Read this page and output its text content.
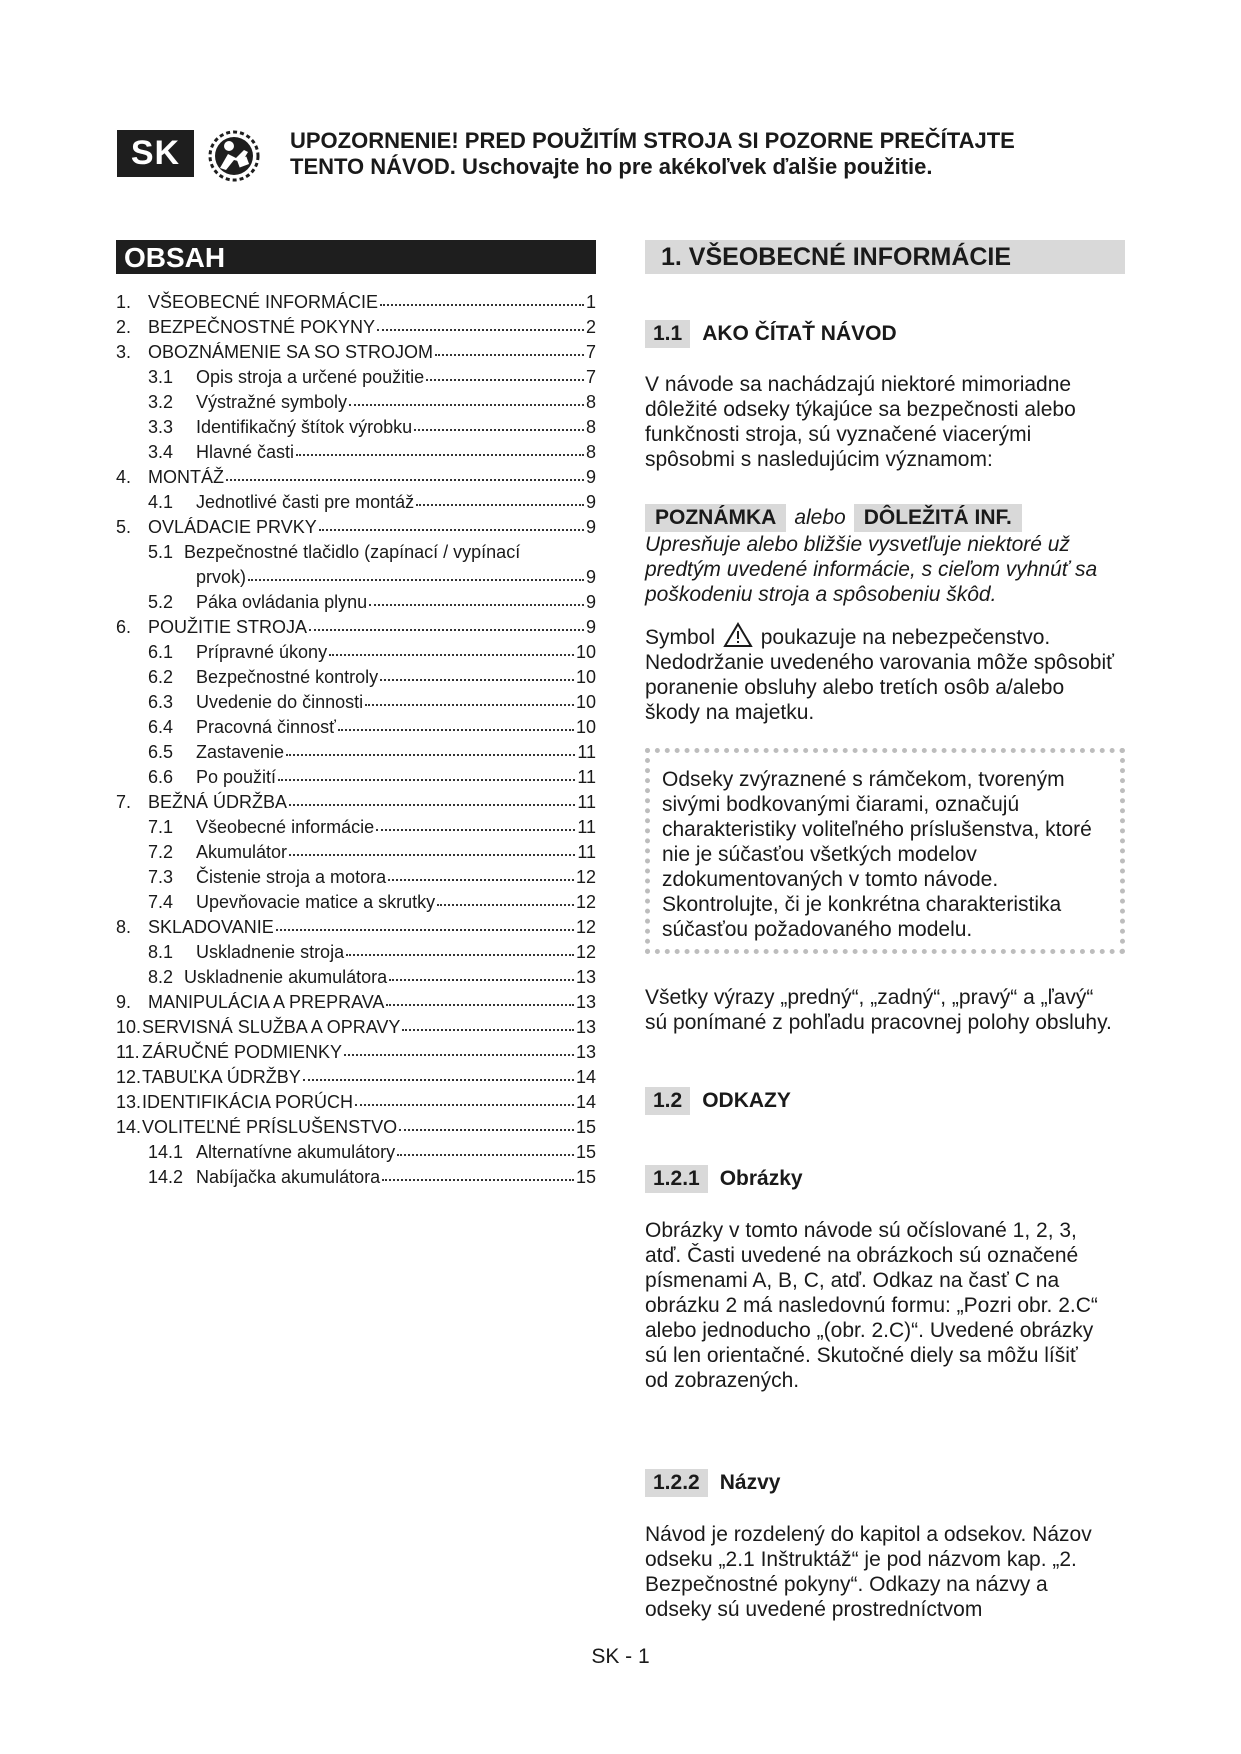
SK	UPOZORNENIE! PRED POUŽITÍM STROJA SI POZORNE PREČÍTAJTE
TENTO NÁVOD. Uschovajte ho pre akékoľvek ďalšie použitie.
OBSAH
1. VŠEOBECNÉ INFORMÁCIE	1
2. BEZPEČNOSTNÉ POKYNY	2
3. OBOZNÁMENIE SA SO STROJOM	7
3.1	Opis stroja a určené použitie	7
3.2	Výstražné symboly	8
3.3	Identifikačný štítok výrobku	8
3.4	Hlavné časti	8
4. MONTÁŽ	9
4.1	Jednotlivé časti pre montáž	9
5. OVLÁDACIE PRVKY	9
5.1 Bezpečnostné tlačidlo (zapínací / vypínací
prvok)	9
5.2	Páka ovládania plynu	9
6. POUŽITIE STROJA	9
6.1	Prípravné úkony	10
6.2	Bezpečnostné kontroly	10
6.3	Uvedenie do činnosti	10
6.4	Pracovná činnosť	10
6.5	Zastavenie	11
6.6	Po použití	11
7. BEŽNÁ ÚDRŽBA	11
7.1	Všeobecné informácie	11
7.2	Akumulátor	11
7.3	Čistenie stroja a motora	12
7.4	Upevňovacie matice a skrutky	12
8. SKLADOVANIE	12
8.1	Uskladnenie stroja	12
8.2 Uskladnenie akumulátora	13
9. MANIPULÁCIA A PREPRAVA	13
10. SERVISNÁ SLUŽBA A OPRAVY	13
11. ZÁRUČNÉ PODMIENKY	13
12. TABUĽKA ÚDRŽBY	14
13. IDENTIFIKÁCIA PORÚCH	14
14. VOLITEĽNÉ PRÍSLUŠENSTVO	15
14.1 Alternatívne akumulátory	15
14.2 Nabíjačka akumulátora	15
1. VŠEOBECNÉ INFORMÁCIE
1.1 AKO ČÍTAŤ NÁVOD
V návode sa nachádzajú niektoré mimoriadne dôležité odseky týkajúce sa bezpečnosti alebo funkčnosti stroja, sú vyznačené viacerými spôsobmi s nasledujúcim významom:
POZNÁMKA alebo DÔLEŽITÁ INF.
Upresňuje alebo bližšie vysvetľuje niektoré už predtým uvedené informácie, s cieľom vyhnúť sa poškodeniu stroja a spôsobeniu škôd.
Symbol poukazuje na nebezpečenstvo.
Nedodržanie uvedeného varovania môže spôsobiť poranenie obsluhy alebo tretích osôb a/alebo škody na majetku.
Odseky zvýraznené s rámčekom, tvoreným sivými bodkovanými čiarami, označujú charakteristiky voliteľného príslušenstva, ktoré nie je súčasťou všetkých modelov zdokumentovaných v tomto návode. Skontrolujte, či je konkrétna charakteristika súčasťou požadovaného modelu.
Všetky výrazy „predný“, „zadný“, „pravý“ a „ľavý“ sú ponímané z pohľadu pracovnej polohy obsluhy.
1.2 ODKAZY
1.2.1 Obrázky
Obrázky v tomto návode sú očíslované 1, 2, 3, atď. Časti uvedené na obrázkoch sú označené písmenami A, B, C, atď. Odkaz na časť C na obrázku 2 má nasledovnú formu: „Pozri obr. 2.C“ alebo jednoducho „(obr. 2.C)“. Uvedené obrázky sú len orientačné. Skutočné diely sa môžu líšiť od zobrazených.
1.2.2 Názvy
Návod je rozdelený do kapitol a odsekov. Názov odseku „2.1 Inštruktáž“ je pod názvom kap. „2. Bezpečnostné pokyny“. Odkazy na názvy a odseky sú uvedené prostredníctvom
SK - 1
